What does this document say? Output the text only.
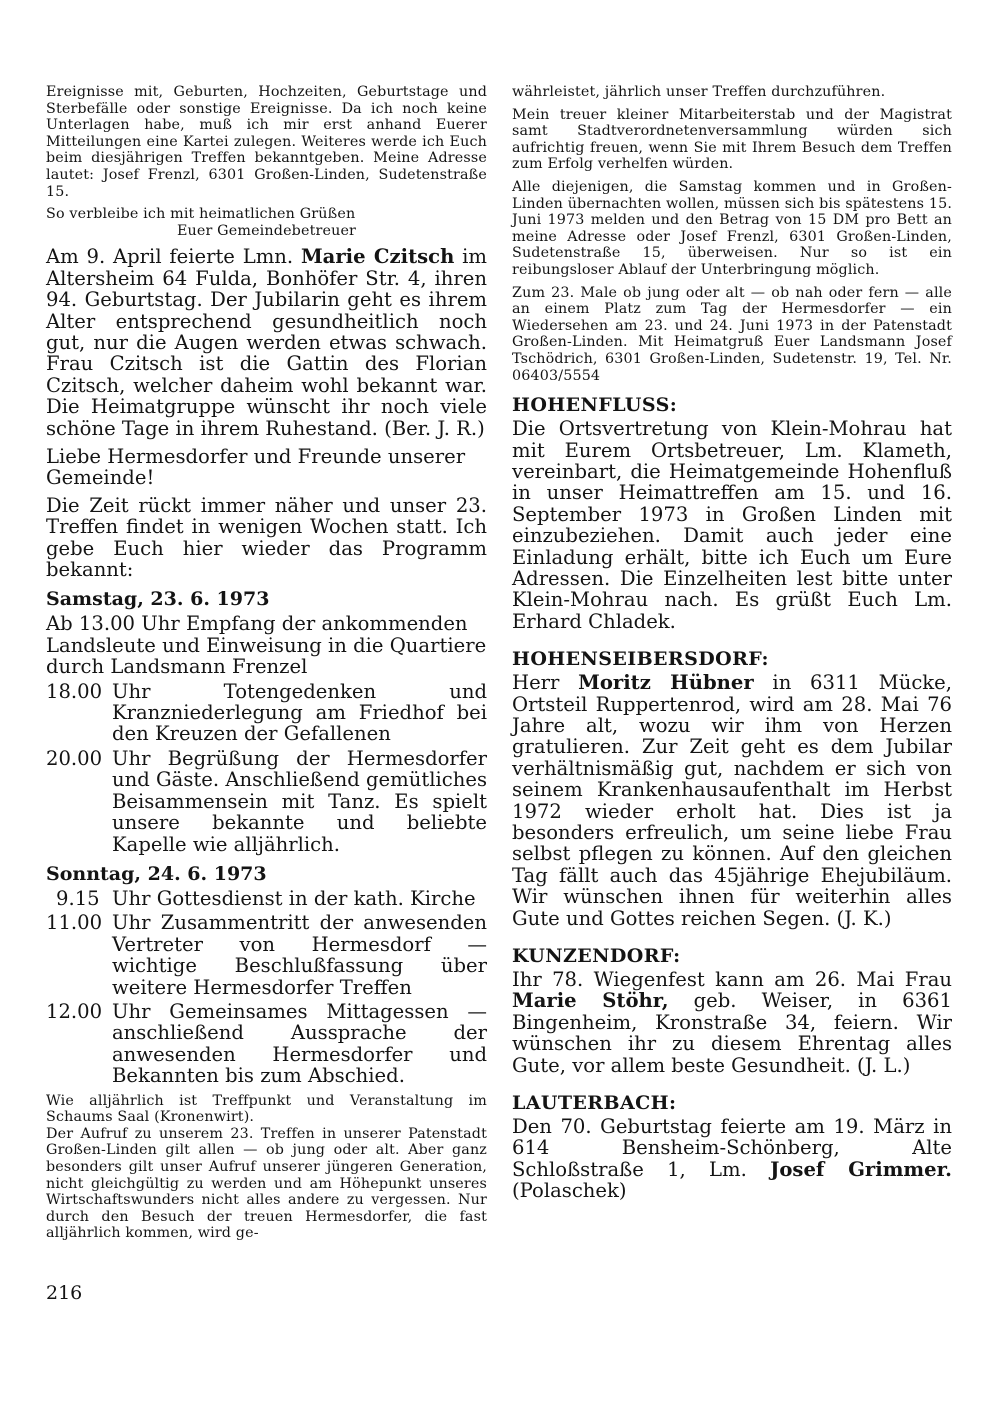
Ereignisse mit, Geburten, Hochzeiten, Geburtstage und Sterbefälle oder sonstige Ereignisse. Da ich noch keine Unterlagen habe, muß ich mir erst anhand Euerer Mitteilungen eine Kartei zulegen. Weiteres werde ich Euch beim diesjährigen Treffen bekanntgeben. Meine Adresse lautet: Josef Frenzl, 6301 Großen-Linden, Sudetenstraße 15.

So verbleibe ich mit heimatlichen Grüßen

Euer Gemeindebetreuer

Am 9. April feierte Lmn. Marie Czitsch im Altersheim 64 Fulda, Bonhöfer Str. 4, ihren 94. Geburtstag. Der Jubilarin geht es ihrem Alter entsprechend gesundheitlich noch gut, nur die Augen werden etwas schwach. Frau Czitsch ist die Gattin des Florian Czitsch, welcher daheim wohl bekannt war. Die Heimatgruppe wünscht ihr noch viele schöne Tage in ihrem Ruhestand. (Ber. J. R.)

Liebe Hermesdorfer und Freunde unserer Gemeinde!

Die Zeit rückt immer näher und unser 23. Treffen findet in wenigen Wochen statt. Ich gebe Euch hier wieder das Programm bekannt:

Samstag, 23. 6. 1973

Ab 13.00 Uhr Empfang der ankommenden Landsleute und Einweisung in die Quartiere durch Landsmann Frenzel

18.00 Uhr Totengedenken und Kranzniederlegung am Friedhof bei den Kreuzen der Gefallenen
20.00 Uhr Begrüßung der Hermesdorfer und Gäste. Anschließend gemütliches Beisammensein mit Tanz. Es spielt unsere bekannte und beliebte Kapelle wie alljährlich.

Sonntag, 24. 6. 1973

9.15 Uhr Gottesdienst in der kath. Kirche
11.00 Uhr Zusammentritt der anwesenden Vertreter von Hermesdorf — wichtige Beschlußfassung über weitere Hermesdorfer Treffen
12.00 Uhr Gemeinsames Mittagessen — anschließend Aussprache der anwesenden Hermesdorfer und Bekannten bis zum Abschied.

Wie alljährlich ist Treffpunkt und Veranstaltung im Schaums Saal (Kronenwirt).

Der Aufruf zu unserem 23. Treffen in unserer Patenstadt Großen-Linden gilt allen — ob jung oder alt. Aber ganz besonders gilt unser Aufruf unserer jüngeren Generation, nicht gleichgültig zu werden und am Höhepunkt unseres Wirtschaftswunders nicht alles andere zu vergessen. Nur durch den Besuch der treuen Hermesdorfer, die fast alljährlich kommen, wird ge-

währleistet, jährlich unser Treffen durchzuführen.

Mein treuer kleiner Mitarbeiterstab und der Magistrat samt Stadtverordnetenversammlung würden sich aufrichtig freuen, wenn Sie mit Ihrem Besuch dem Treffen zum Erfolg verhelfen würden.

Alle diejenigen, die Samstag kommen und in Großen-Linden übernachten wollen, müssen sich bis spätestens 15. Juni 1973 melden und den Betrag von 15 DM pro Bett an meine Adresse oder Josef Frenzl, 6301 Großen-Linden, Sudetenstraße 15, überweisen. Nur so ist ein reibungsloser Ablauf der Unterbringung möglich.

Zum 23. Male ob jung oder alt — ob nah oder fern — alle an einem Platz zum Tag der Hermesdorfer — ein Wiedersehen am 23. und 24. Juni 1973 in der Patenstadt Großen-Linden. Mit Heimatgruß Euer Landsmann Josef Tschödrich, 6301 Großen-Linden, Sudetenstr. 19, Tel. Nr. 06403/5554

HOHENFLUSS:

Die Ortsvertretung von Klein-Mohrau hat mit Eurem Ortsbetreuer, Lm. Klameth, vereinbart, die Heimatgemeinde Hohenfluß in unser Heimattreffen am 15. und 16. September 1973 in Großen Linden mit einzubeziehen. Damit auch jeder eine Einladung erhält, bitte ich Euch um Eure Adressen. Die Einzelheiten lest bitte unter Klein-Mohrau nach. Es grüßt Euch Lm. Erhard Chladek.

HOHENSEIBERSDORF:

Herr Moritz Hübner in 6311 Mücke, Ortsteil Ruppertenrod, wird am 28. Mai 76 Jahre alt, wozu wir ihm von Herzen gratulieren. Zur Zeit geht es dem Jubilar verhältnismäßig gut, nachdem er sich von seinem Krankenhausaufenthalt im Herbst 1972 wieder erholt hat. Dies ist ja besonders erfreulich, um seine liebe Frau selbst pflegen zu können. Auf den gleichen Tag fällt auch das 45jährige Ehejubiläum. Wir wünschen ihnen für weiterhin alles Gute und Gottes reichen Segen. (J. K.)

KUNZENDORF:

Ihr 78. Wiegenfest kann am 26. Mai Frau Marie Stöhr, geb. Weiser, in 6361 Bingenheim, Kronstraße 34, feiern. Wir wünschen ihr zu diesem Ehrentag alles Gute, vor allem beste Gesundheit. (J. L.)

LAUTERBACH:

Den 70. Geburtstag feierte am 19. März in 614 Bensheim-Schönberg, Alte Schloßstraße 1, Lm. Josef Grimmer. (Polaschek)

216
